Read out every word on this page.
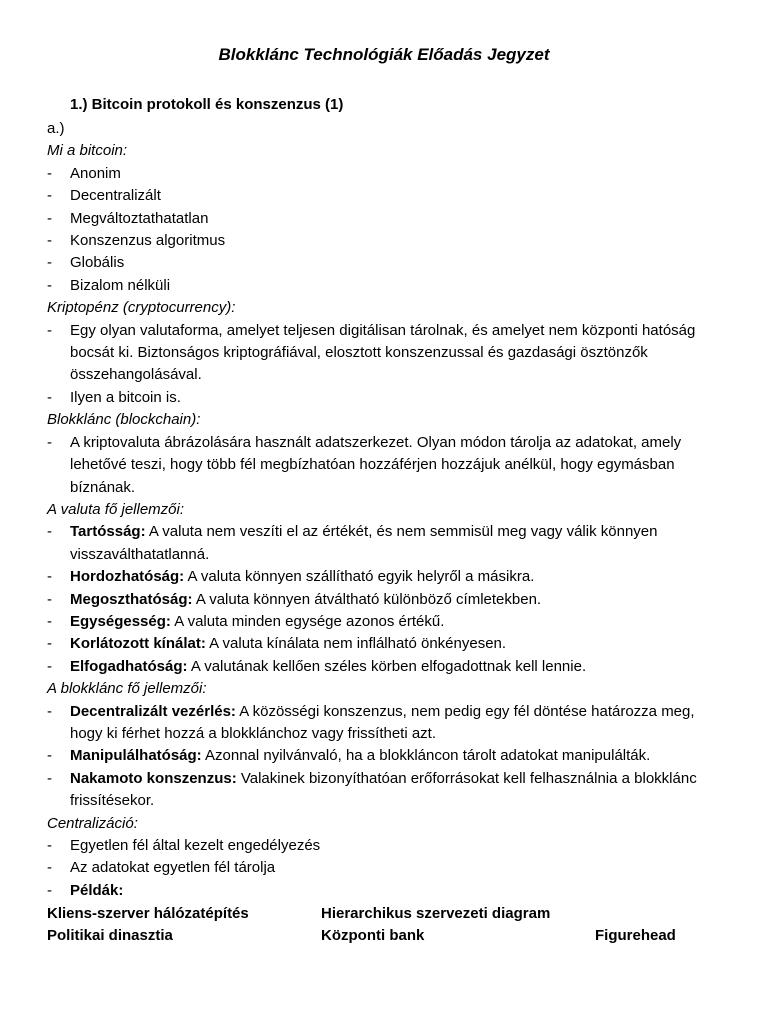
Blokklánc Technológiák Előadás Jegyzet
1.) Bitcoin protokoll és konszenzus (1)
a.)
Mi a bitcoin:
- Anonim
- Decentralizált
- Megváltoztathatatlan
- Konszenzus algoritmus
- Globális
- Bizalom nélküli
Kriptopénz (cryptocurrency):
- Egy olyan valutaforma, amelyet teljesen digitálisan tárolnak, és amelyet nem központi hatóság bocsát ki. Biztonságos kriptográfiával, elosztott konszenzussal és gazdasági ösztönzők összehangolásával.
- Ilyen a bitcoin is.
Blokklánc (blockchain):
- A kriptovaluta ábrázolására használt adatszerkezet. Olyan módon tárolja az adatokat, amely lehetővé teszi, hogy több fél megbízhatóan hozzáférjen hozzájuk anélkül, hogy egymásban bíznának.
A valuta fő jellemzői:
- Tartósság: A valuta nem veszíti el az értékét, és nem semmisül meg vagy válik könnyen visszaválthatatlanná.
- Hordozhatóság: A valuta könnyen szállítható egyik helyről a másikra.
- Megoszthatóság: A valuta könnyen átváltható különböző címletekben.
- Egységesség: A valuta minden egysége azonos értékű.
- Korlátozott kínálat: A valuta kínálata nem inflálható önkényesen.
- Elfogadhatóság: A valutának kellően széles körben elfogadottnak kell lennie.
A blokklánc fő jellemzői:
- Decentralizált vezérlés: A közösségi konszenzus, nem pedig egy fél döntése határozza meg, hogy ki férhet hozzá a blokklánchoz vagy frissítheti azt.
- Manipulálhatóság: Azonnal nyilvánvaló, ha a blokkláncon tárolt adatokat manipulálták.
- Nakamoto konszenzus: Valakinek bizonyíthatóan erőforrásokat kell felhasználnia a blokklánc frissítésekor.
Centralizáció:
- Egyetlen fél által kezelt engedélyezés
- Az adatokat egyetlen fél tárolja
- Példák:
Kliens-szerver hálózatépítés	Hierarchikus szervezeti diagram
Politikai dinasztia	Központi bank	Figurehead
